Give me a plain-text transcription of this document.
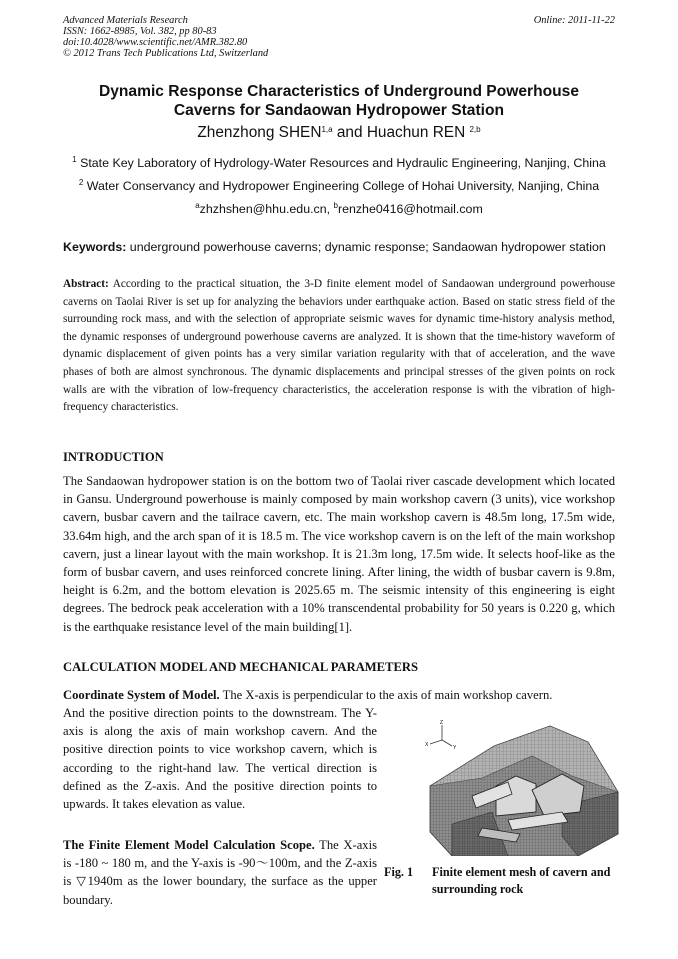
Advanced Materials Research
ISSN: 1662-8985, Vol. 382, pp 80-83
doi:10.4028/www.scientific.net/AMR.382.80
© 2012 Trans Tech Publications Ltd, Switzerland
Online: 2011-11-22
Dynamic Response Characteristics of Underground Powerhouse
Caverns for Sandaowan Hydropower Station
Zhenzhong SHEN$^{1,a}$ and Huachun REN $^{2,b}$
$^1$ State Key Laboratory of Hydrology-Water Resources and Hydraulic Engineering, Nanjing, China
$^2$ Water Conservancy and Hydropower Engineering College of Hohai University, Nanjing, China
$^a$zhzhshen@hhu.edu.cn, $^b$renzhe0416@hotmail.com
Keywords: underground powerhouse caverns; dynamic response; Sandaowan hydropower station
Abstract: According to the practical situation, the 3-D finite element model of Sandaowan underground powerhouse caverns on Taolai River is set up for analyzing the behaviors under earthquake action. Based on static stress field of the surrounding rock mass, and with the selection of appropriate seismic waves for dynamic time-history analysis method, the dynamic responses of underground powerhouse caverns are analyzed. It is shown that the time-history waveform of dynamic displacement of given points has a very similar variation regularity with that of acceleration, and the wave phases of both are almost synchronous. The dynamic displacements and principal stresses of the given points on rock walls are with the vibration of low-frequency characteristics, the acceleration response is with the vibration of high-frequency characteristics.
INTRODUCTION
The Sandaowan hydropower station is on the bottom two of Taolai river cascade development which located in Gansu. Underground powerhouse is mainly composed by main workshop cavern (3 units), vice workshop cavern, busbar cavern and the tailrace cavern, etc. The main workshop cavern is 48.5m long, 17.5m wide, 33.64m high, and the arch span of it is 18.5 m. The vice workshop cavern is on the left of the main workshop cavern, just a linear layout with the main workshop. It is 21.3m long, 17.5m wide. It selects hoof-like as the form of busbar cavern, and uses reinforced concrete lining. After lining, the width of busbar cavern is 9.8m, height is 6.2m, and the bottom elevation is 2025.65 m. The seismic intensity of this engineering is eight degrees. The bedrock peak acceleration with a 10% transcendental probability for 50 years is 0.220 g, which is the earthquake resistance level of the main building[1].
CALCULATION MODEL AND MECHANICAL PARAMETERS
Coordinate System of Model. The X-axis is perpendicular to the axis of main workshop cavern.
And the positive direction points to the downstream. The Y-axis is along the axis of main workshop cavern. And the positive direction points to vice workshop cavern, which is according to the right-hand law. The vertical direction is defined as the Z-axis. And the positive direction points to upwards. It takes elevation as value.
The Finite Element Model Calculation Scope. The X-axis is -180 ~ 180 m, and the Y-axis is -90～100m, and the Z-axis is ▽1940m as the lower boundary, the surface as the upper boundary.
Z
Y
X
Fig. 1 Finite element mesh of cavern and surrounding rock
